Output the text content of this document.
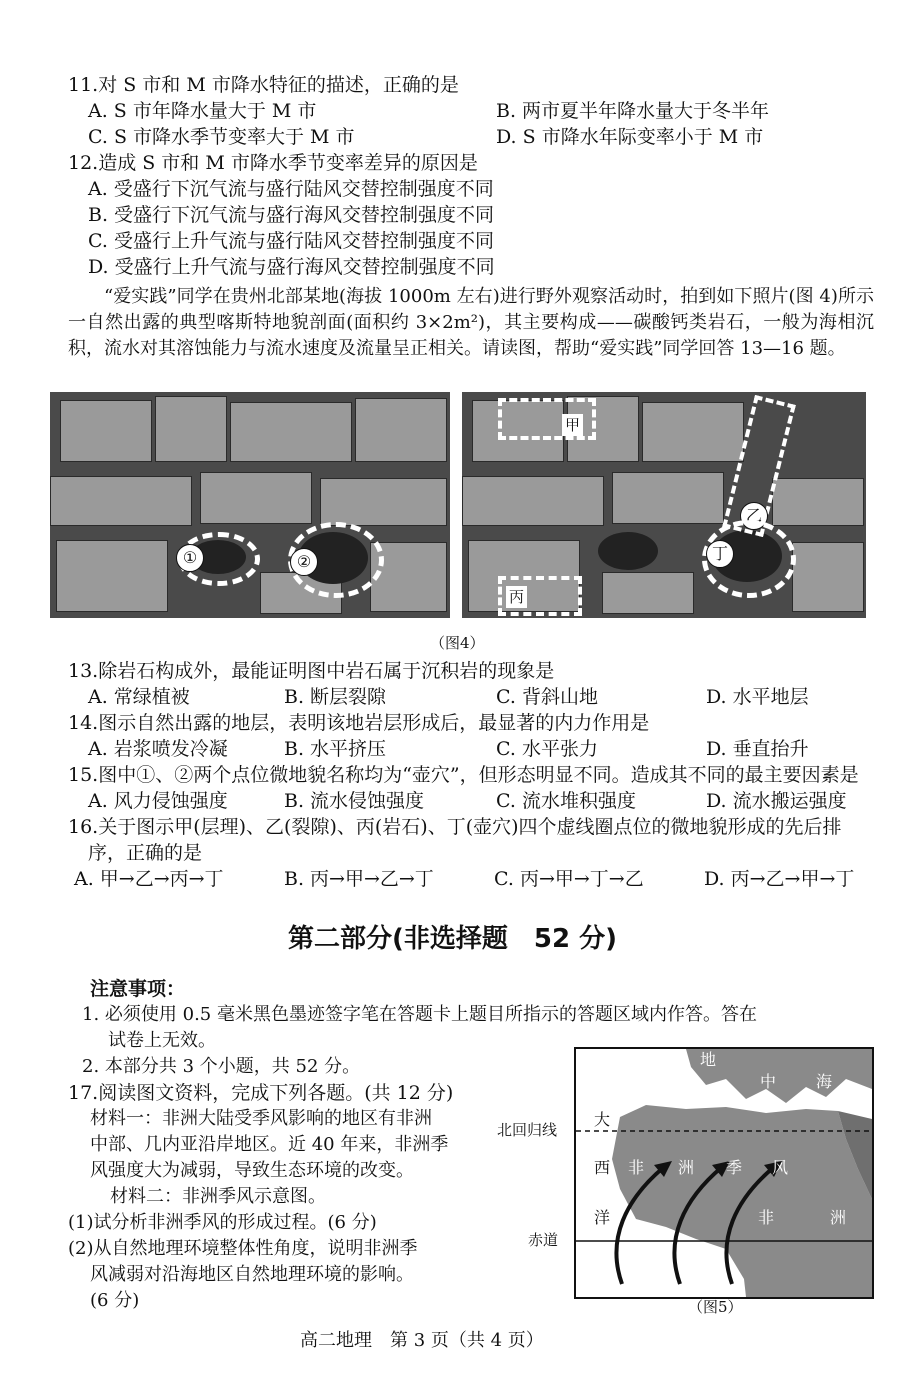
11.对 S 市和 M 市降水特征的描述，正确的是
A. S 市年降水量大于 M 市	B. 两市夏半年降水量大于冬半年
C. S 市降水季节变率大于 M 市	D. S 市降水年际变率小于 M 市
12.造成 S 市和 M 市降水季节变率差异的原因是
A. 受盛行下沉气流与盛行陆风交替控制强度不同
B. 受盛行下沉气流与盛行海风交替控制强度不同
C. 受盛行上升气流与盛行陆风交替控制强度不同
D. 受盛行上升气流与盛行海风交替控制强度不同
“爱实践”同学在贵州北部某地(海拔 1000m 左右)进行野外观察活动时，拍到如下照片(图 4)所示一自然出露的典型喀斯特地貌剖面(面积约 3×2m²)，其主要构成——碳酸钙类岩石，一般为海相沉积，流水对其溶蚀能力与流水速度及流量呈正相关。请读图，帮助“爱实践”同学回答 13—16 题。
①	②
甲
乙
丁
丙
（图4）
13.除岩石构成外，最能证明图中岩石属于沉积岩的现象是
A. 常绿植被	B. 断层裂隙	C. 背斜山地	D. 水平地层
14.图示自然出露的地层，表明该地岩层形成后，最显著的内力作用是
A. 岩浆喷发冷凝	B. 水平挤压	C. 水平张力	D. 垂直抬升
15.图中①、②两个点位微地貌名称均为“壶穴”，但形态明显不同。造成其不同的最主要因素是
A. 风力侵蚀强度	B. 流水侵蚀强度	C. 流水堆积强度	D. 流水搬运强度
16.关于图示甲(层理)、乙(裂隙)、丙(岩石)、丁(壶穴)四个虚线圈点位的微地貌形成的先后排
序，正确的是
A. 甲→乙→丙→丁	B. 丙→甲→乙→丁	C. 丙→甲→丁→乙	D. 丙→乙→甲→丁
第二部分(非选择题　52 分)
注意事项：
1. 必须使用 0.5 毫米黑色墨迹签字笔在答题卡上题目所指示的答题区域内作答。答在
试卷上无效。
2. 本部分共 3 个小题，共 52 分。
17.阅读图文资料，完成下列各题。(共 12 分)
材料一：非洲大陆受季风影响的地区有非洲
中部、几内亚沿岸地区。近 40 年来，非洲季
风强度大为减弱，导致生态环境的改变。
材料二：非洲季风示意图。
(1)试分析非洲季风的形成过程。(6 分)
(2)从自然地理环境整体性角度，说明非洲季
风减弱对沿海地区自然地理环境的影响。
(6 分)
地
中 海
大
西
洋
非 洲 季 风
非	洲
北回归线
赤道
（图5）
高二地理　第 3 页（共 4 页）
